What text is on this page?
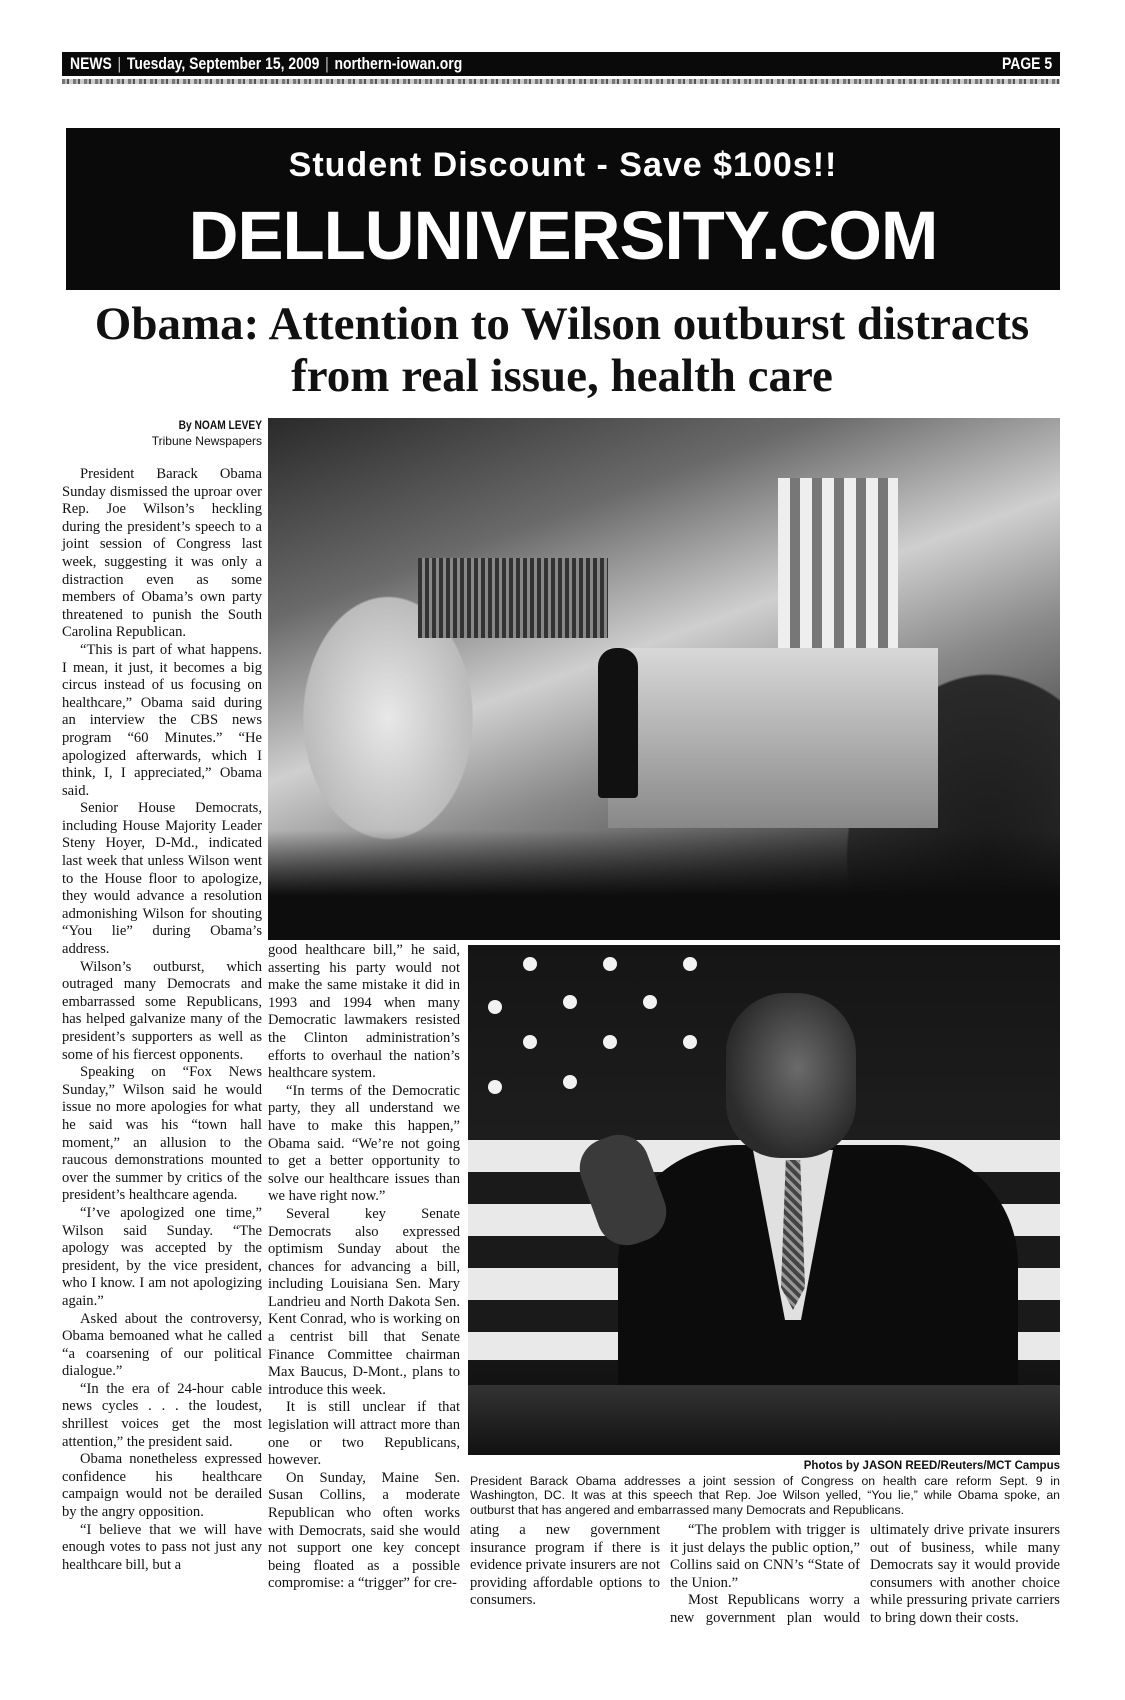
NEWS | Tuesday, September 15, 2009 | northern-iowan.org	PAGE 5
Student Discount - Save $100s!!
DELLUNIVERSITY.COM
Obama: Attention to Wilson outburst distracts from real issue, health care
By NOAM LEVEY
Tribune Newspapers

President Barack Obama Sunday dismissed the uproar over Rep. Joe Wilson’s heckling during the president’s speech to a joint session of Congress last week, suggesting it was only a distraction even as some members of Obama’s own party threatened to punish the South Carolina Republican.

“This is part of what happens. I mean, it just, it becomes a big circus instead of us focusing on healthcare,” Obama said during an interview the CBS news program “60 Minutes.” “He apologized afterwards, which I think, I, I appreciated,” Obama said.

Senior House Democrats, including House Majority Leader Steny Hoyer, D-Md., indicated last week that unless Wilson went to the House floor to apologize, they would advance a resolution admonishing Wilson for shouting “You lie” during Obama’s address.

Wilson’s outburst, which outraged many Democrats and embarrassed some Republicans, has helped galvanize many of the president’s supporters as well as some of his fiercest opponents.

Speaking on “Fox News Sunday,” Wilson said he would issue no more apologies for what he said was his “town hall moment,” an allusion to the raucous demonstrations mounted over the summer by critics of the president’s healthcare agenda.

“I’ve apologized one time,” Wilson said Sunday. “The apology was accepted by the president, by the vice president, who I know. I am not apologizing again.”

Asked about the controversy, Obama bemoaned what he called “a coarsening of our political dialogue.”

“In the era of 24-hour cable news cycles . . . the loudest, shrillest voices get the most attention,” the president said.

Obama nonetheless expressed confidence his healthcare campaign would not be derailed by the angry opposition.

“I believe that we will have enough votes to pass not just any healthcare bill, but a

good healthcare bill,” he said, asserting his party would not make the same mistake it did in 1993 and 1994 when many Democratic lawmakers resisted the Clinton administration’s efforts to overhaul the nation’s healthcare system.

“In terms of the Democratic party, they all understand we have to make this happen,” Obama said. “We’re not going to get a better opportunity to solve our healthcare issues than we have right now.”

Several key Senate Democrats also expressed optimism Sunday about the chances for advancing a bill, including Louisiana Sen. Mary Landrieu and North Dakota Sen. Kent Conrad, who is working on a centrist bill that Senate Finance Committee chairman Max Baucus, D-Mont., plans to introduce this week.

It is still unclear if that legislation will attract more than one or two Republicans, however.

On Sunday, Maine Sen. Susan Collins, a moderate Republican who often works with Democrats, said she would not support one key concept being floated as a possible compromise: a “trigger” for cre-

Photos by JASON REED/Reuters/MCT Campus
President Barack Obama addresses a joint session of Congress on health care reform Sept. 9 in Washington, DC. It was at this speech that Rep. Joe Wilson yelled, “You lie,” while Obama spoke, an outburst that has angered and embarrassed many Democrats and Republicans.

ating a new government insurance program if there is evidence private insurers are not providing affordable options to consumers.

“The problem with trigger is it just delays the public option,” Collins said on CNN’s “State of the Union.”

Most Republicans worry a new government plan would ultimately drive private insurers out of business, while many Democrats say it would provide consumers with another choice while pressuring private carriers to bring down their costs.
